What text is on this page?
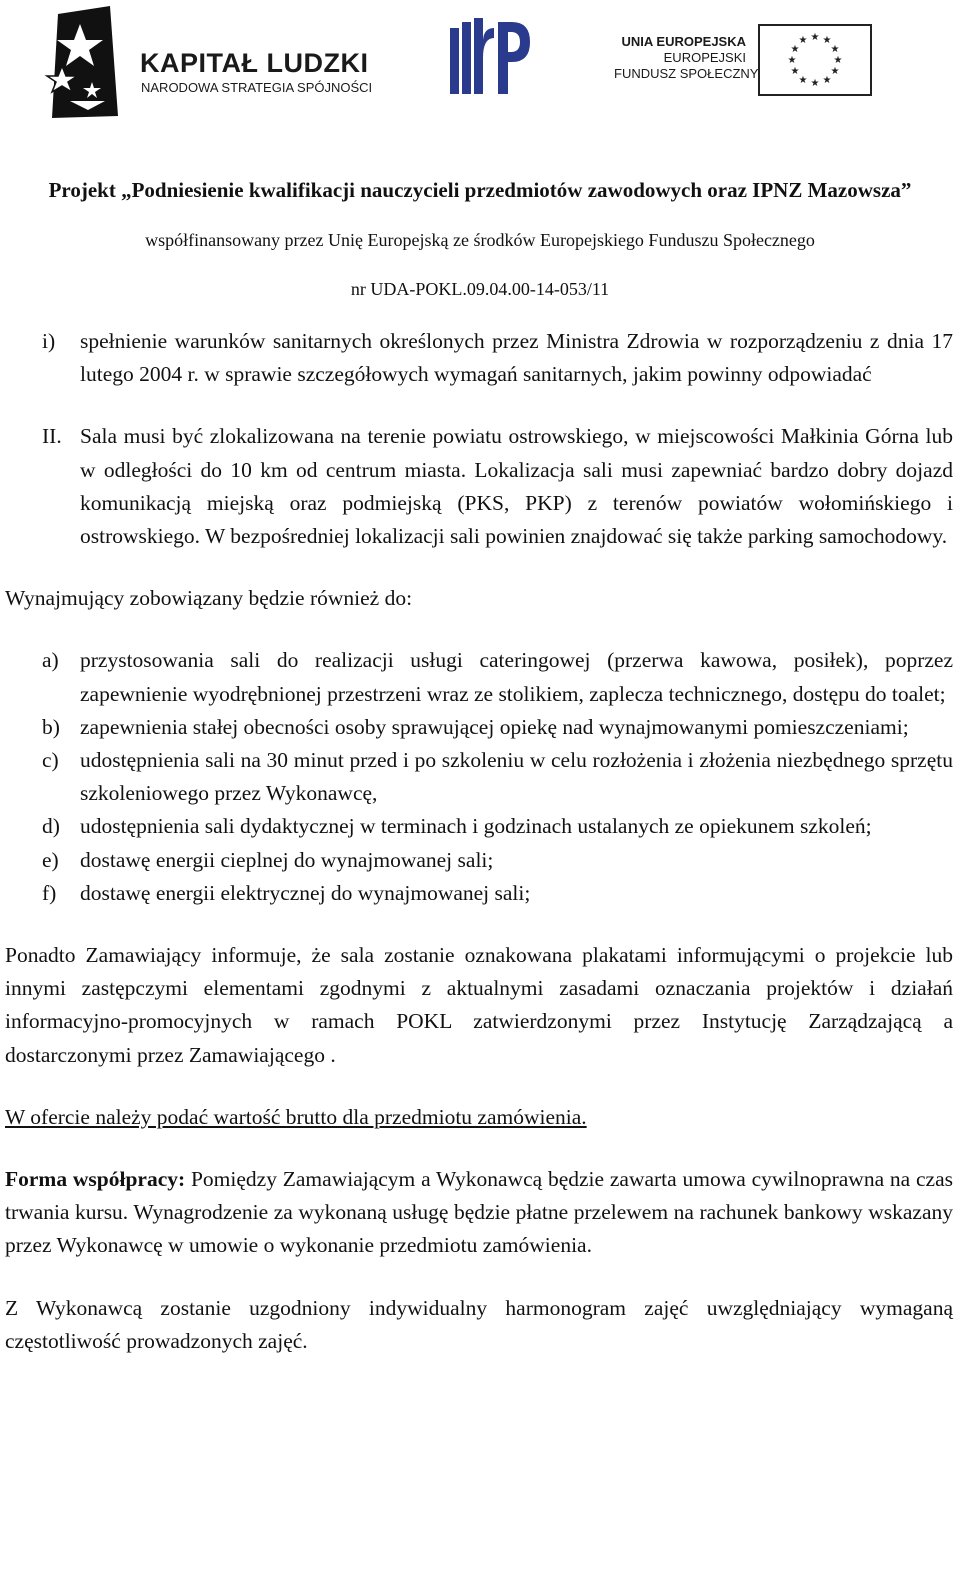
KAPITAŁ LUDZKI
NARODOWA STRATEGIA SPÓJNOŚCI
UNIA EUROPEJSKA
EUROPEJSKI
FUNDUSZ SPOŁECZNY
★ ★
★
★
★
★
★
★
★
★
★
★
Projekt „Podniesienie kwalifikacji nauczycieli przedmiotów zawodowych oraz IPNZ Mazowsza”
współfinansowany przez Unię Europejską ze środków Europejskiego Funduszu Społecznego
nr UDA-POKL.09.04.00-14-053/11

i) spełnienie warunków sanitarnych określonych przez Ministra Zdrowia w rozporządzeniu z dnia 17 lutego 2004 r. w sprawie szczegółowych wymagań sanitarnych, jakim powinny odpowiadać

II. Sala musi być zlokalizowana na terenie powiatu ostrowskiego, w miejscowości Małkinia Górna lub w odległości do 10 km od centrum miasta. Lokalizacja sali musi zapewniać bardzo dobry dojazd komunikacją miejską oraz podmiejską (PKS, PKP) z terenów powiatów wołomińskiego i ostrowskiego. W bezpośredniej lokalizacji sali powinien znajdować się także parking samochodowy.

Wynajmujący zobowiązany będzie również do:

a) przystosowania sali do realizacji usługi cateringowej (przerwa kawowa, posiłek), poprzez zapewnienie wyodrębnionej przestrzeni wraz ze stolikiem, zaplecza technicznego, dostępu do toalet;

b) zapewnienia stałej obecności osoby sprawującej opiekę nad wynajmowanymi pomieszczeniami;

c) udostępnienia sali na 30 minut przed i po szkoleniu w celu rozłożenia i złożenia niezbędnego sprzętu szkoleniowego przez Wykonawcę,

d) udostępnienia sali dydaktycznej w terminach i godzinach ustalanych ze opiekunem szkoleń;

e) dostawę energii cieplnej do wynajmowanej sali;

f) dostawę energii elektrycznej do wynajmowanej sali;

Ponadto Zamawiający informuje, że sala zostanie oznakowana plakatami informującymi o projekcie lub innymi zastępczymi elementami zgodnymi z aktualnymi zasadami oznaczania projektów i działań informacyjno-promocyjnych w ramach POKL zatwierdzonymi przez Instytucję Zarządzającą a dostarczonymi przez Zamawiającego .

W ofercie należy podać wartość brutto dla przedmiotu zamówienia.

Forma współpracy: Pomiędzy Zamawiającym a Wykonawcą będzie zawarta umowa cywilnoprawna na czas trwania kursu. Wynagrodzenie za wykonaną usługę będzie płatne przelewem na rachunek bankowy wskazany przez Wykonawcę w umowie o wykonanie przedmiotu zamówienia.

Z Wykonawcą zostanie uzgodniony indywidualny harmonogram zajęć uwzględniający wymaganą częstotliwość prowadzonych zajęć.
